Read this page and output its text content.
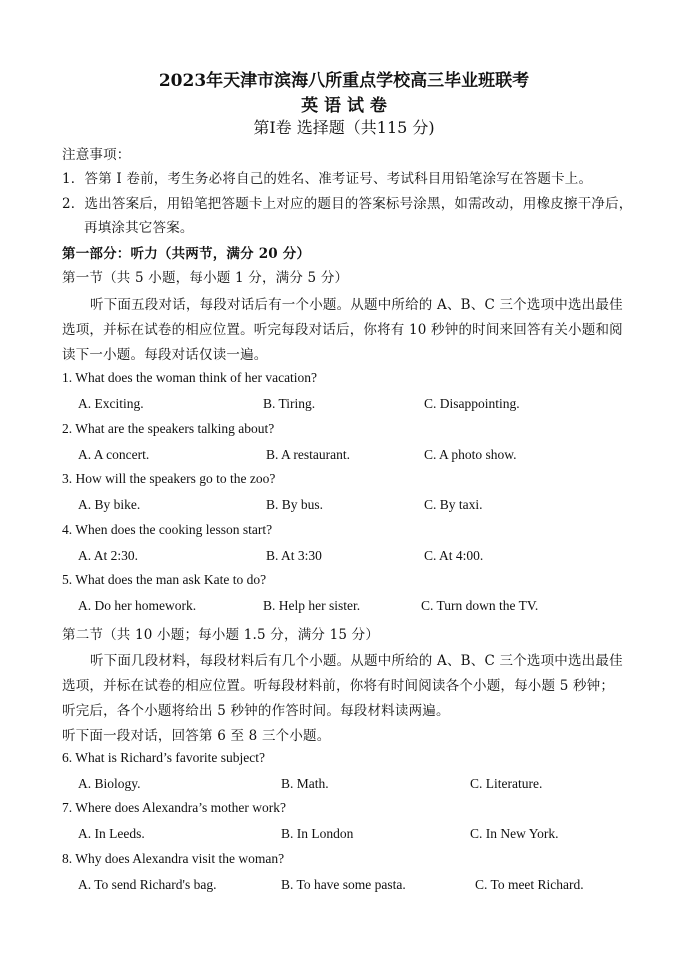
2023年天津市滨海八所重点学校高三毕业班联考
英 语 试 卷
第Ⅰ卷 选择题（共115 分)
注意事项：
1．答第 I 卷前，考生务必将自己的姓名、准考证号、考试科目用铅笔涂写在答题卡上。
2．选出答案后，用铅笔把答题卡上对应的题目的答案标号涂黑，如需改动，用橡皮擦干净后，
再填涂其它答案。
第一部分：听力（共两节，满分 20 分）
第一节（共 5 小题，每小题 1 分，满分 5 分）
听下面五段对话，每段对话后有一个小题。从题中所给的 A、B、C 三个选项中选出最佳
选项，并标在试卷的相应位置。听完每段对话后，你将有 10 秒钟的时间来回答有关小题和阅
读下一小题。每段对话仅读一遍。
1. What does the woman think of her vacation?
A. Exciting.	B. Tiring.	C. Disappointing.
2. What are the speakers talking about?
A. A concert.	B. A restaurant.	C. A photo show.
3. How will the speakers go to the zoo?
A. By bike.	B. By bus.	C. By taxi.
4. When does the cooking lesson start?
A. At 2:30.	B. At 3:30	C. At 4:00.
5. What does the man ask Kate to do?
A. Do her homework.	B. Help her sister.	C. Turn down the TV.
第二节（共 10 小题；每小题 1.5 分，满分 15 分）
听下面几段材料，每段材料后有几个小题。从题中所给的 A、B、C 三个选项中选出最佳
选项，并标在试卷的相应位置。听每段材料前，你将有时间阅读各个小题，每小题 5 秒钟；
听完后，各个小题将给出 5 秒钟的作答时间。每段材料读两遍。
听下面一段对话，回答第 6 至 8 三个小题。
6. What is Richard’s favorite subject?
A. Biology.	B. Math.	C. Literature.
7. Where does Alexandra’s mother work?
A. In Leeds.	B. In London	C. In New York.
8. Why does Alexandra visit the woman?
A. To send Richard's bag.	B. To have some pasta.	C. To meet Richard.
